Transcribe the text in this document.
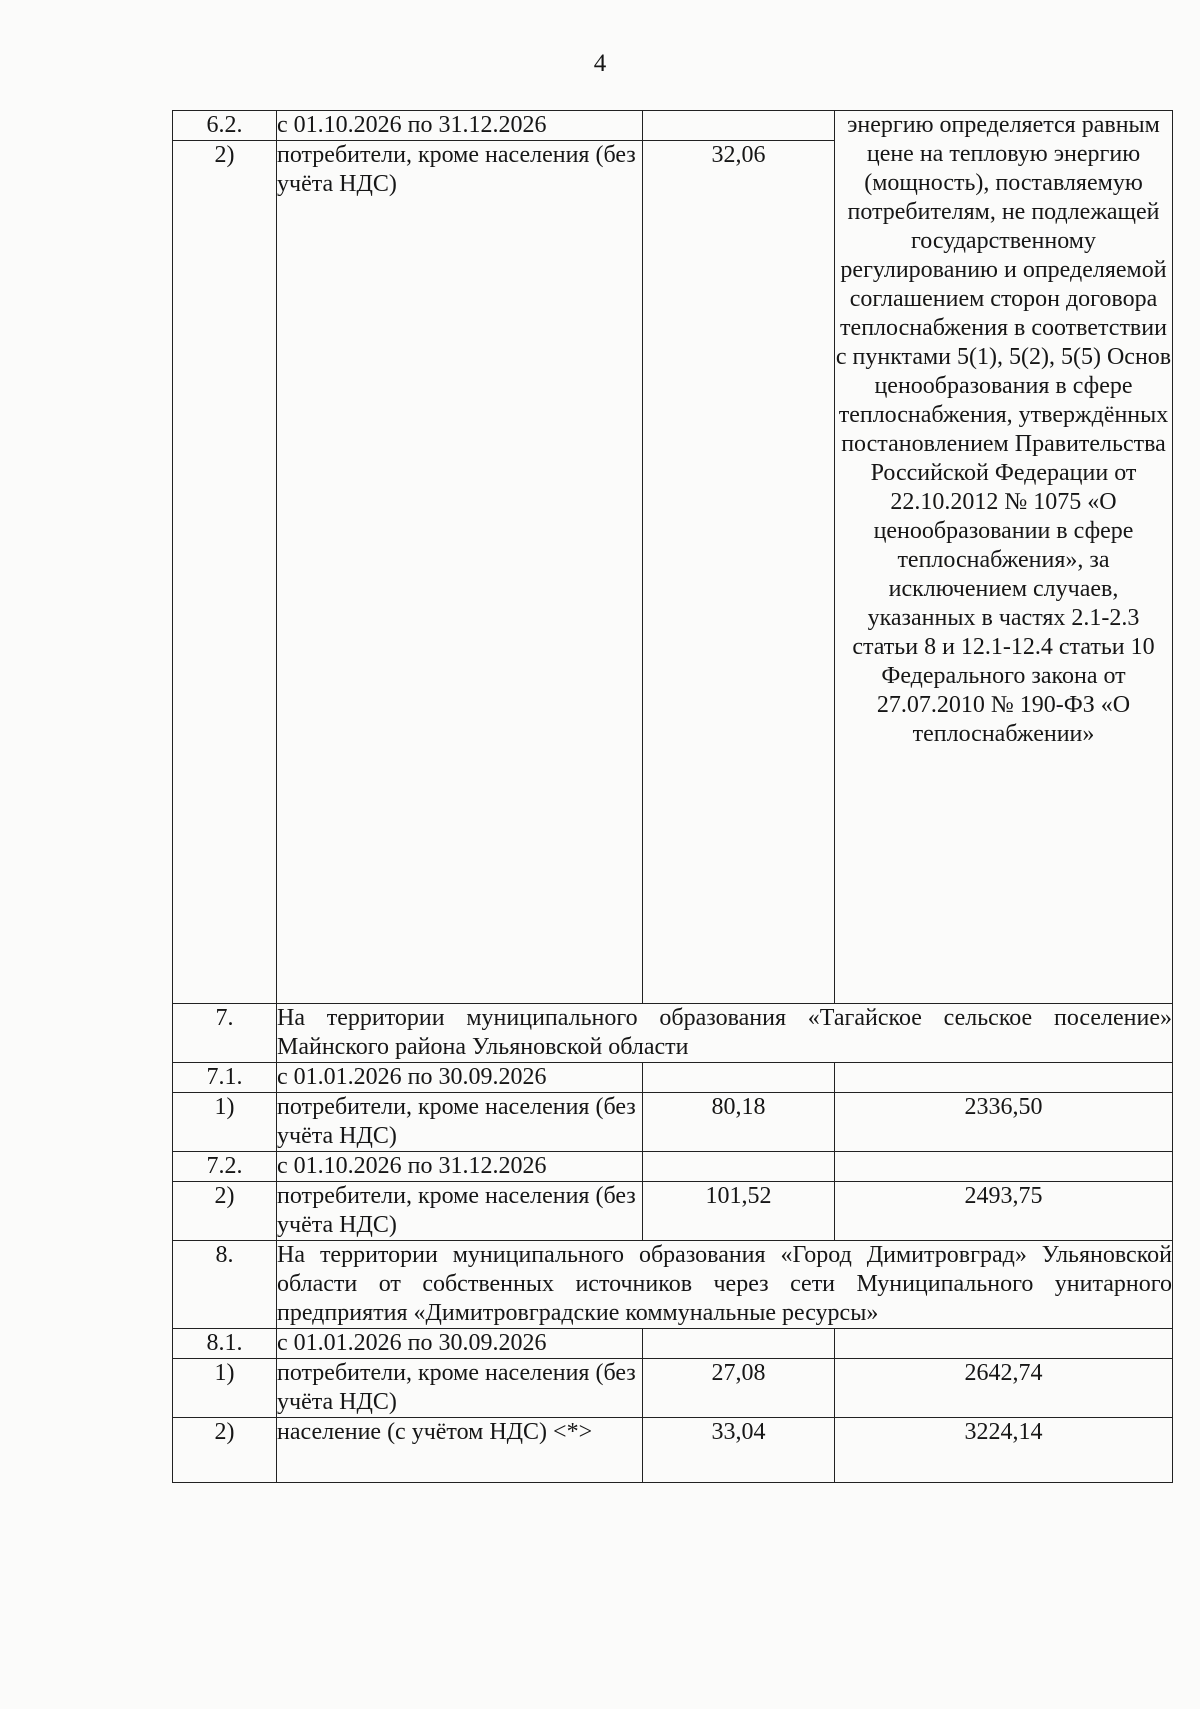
4
6.2.	с 01.10.2026 по 31.12.2026		энергию определяется равным цене на тепловую энергию (мощность), поставляемую потребителям, не подлежащей государственному регулированию и определяемой соглашением сторон договора теплоснабжения в соответствии с пунктами 5(1), 5(2), 5(5) Основ ценообразования в сфере теплоснабжения, утверждённых постановлением Правительства Российской Федерации от 22.10.2012 № 1075 «О ценообразовании в сфере теплоснабжения», за исключением случаев, указанных в частях 2.1-2.3 статьи 8 и 12.1-12.4 статьи 10 Федерального закона от 27.07.2010 № 190-ФЗ «О теплоснабжении»
2)	потребители, кроме населения (без учёта НДС)	32,06	
7.	На территории муниципального образования «Тагайское сельское поселение» Майнского района Ульяновской области		
7.1.	с 01.01.2026 по 30.09.2026		
1)	потребители, кроме населения (без учёта НДС)	80,18	2336,50
7.2.	с 01.10.2026 по 31.12.2026		
2)	потребители, кроме населения (без учёта НДС)	101,52	2493,75
8.	На территории муниципального образования «Город Димитровград» Ульяновской области от собственных источников через сети Муниципального унитарного предприятия «Димитровградские коммунальные ресурсы»		
8.1.	с 01.01.2026 по 30.09.2026		
1)	потребители, кроме населения (без учёта НДС)	27,08	2642,74
2)	население (с учётом НДС) <*>	33,04	3224,14
